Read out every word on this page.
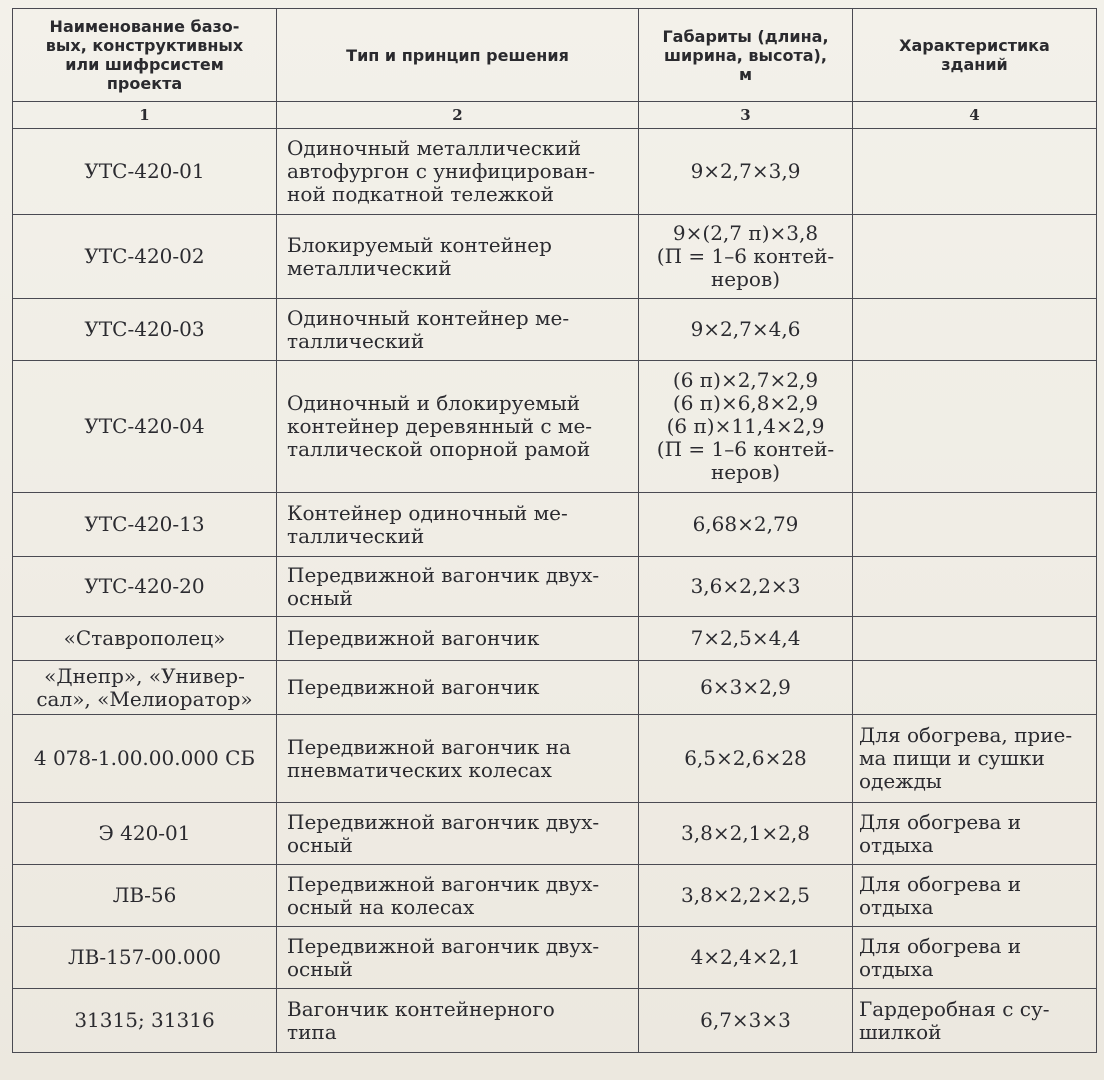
Наименование базо-
вых, конструктивных
или шифрсистем
проекта	Тип и принцип решения	Габариты (длина,
ширина, высота),
м	Характеристика
зданий
1	2	3	4
УТС-420-01	Одиночный металлический
автофургон с унифицирован-
ной подкатной тележкой	9×2,7×3,9	
УТС-420-02	Блокируемый контейнер
металлический	9×(2,7 п)×3,8
(П = 1–6 контей-
неров)	
УТС-420-03	Одиночный контейнер ме-
таллический	9×2,7×4,6	
УТС-420-04	Одиночный и блокируемый
контейнер деревянный с ме-
таллической опорной рамой	(6 п)×2,7×2,9
(6 п)×6,8×2,9
(6 п)×11,4×2,9
(П = 1–6 контей-
неров)	
УТС-420-13	Контейнер одиночный ме-
таллический	6,68×2,79	
УТС-420-20	Передвижной вагончик двух-
осный	3,6×2,2×3	
«Ставрополец»	Передвижной вагончик	7×2,5×4,4	
«Днепр», «Универ-
сал», «Мелиоратор»	Передвижной вагончик	6×3×2,9	
4 078-1.00.00.000 СБ	Передвижной вагончик на
пневматических колесах	6,5×2,6×28	Для обогрева, прие-
ма пищи и сушки
одежды
Э 420-01	Передвижной вагончик двух-
осный	3,8×2,1×2,8	Для обогрева и
отдыха
ЛВ-56	Передвижной вагончик двух-
осный на колесах	3,8×2,2×2,5	Для обогрева и
отдыха
ЛВ-157-00.000	Передвижной вагончик двух-
осный	4×2,4×2,1	Для обогрева и
отдыха
31315; 31316	Вагончик контейнерного
типа	6,7×3×3	Гардеробная с су-
шилкой
